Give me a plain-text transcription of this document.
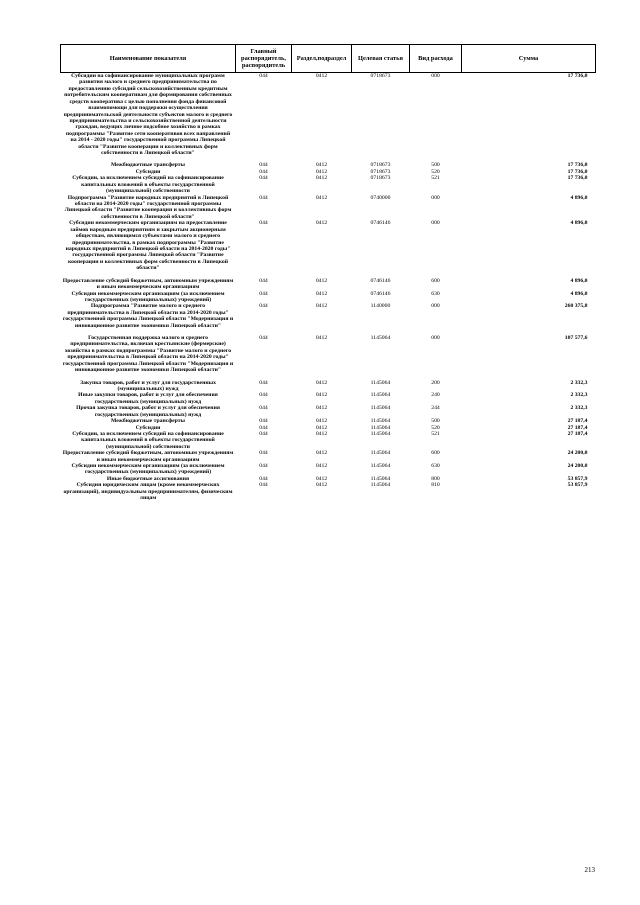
Наименование показателя	Главный распорядитель, распорядитель	Раздел,подраздел	Целевая статья	Вид расхода	Сумма
Субсидии на софинансирование муниципальных программ развития малого и среднего предпринимательства по предоставлению субсидий сельскохозяйственным кредитным потребительским кооперативам для формирования собственных средств кооператива с целью пополнения фонда финансовой взаимопомощи для поддержки осуществления предпринимательской деятельности субъектов малого и среднего предпринимательства и сельскохозяйственной деятельности граждан, ведущих личное подсобное хозяйство в рамках подпрограммы "Развитие сети кооперативов всех направлений на 2014 - 2020 годы" государственной программы Липецкой области "Развитие кооперации и коллективных форм собственности в Липецкой области"	044	0412	0718673	000	17 736,0

Межбюджетные трансферты	044	0412	0718673	500	17 736,0
Субсидии	044	0412	0718673	520	17 736,0
Субсидии, за исключением субсидий на софинансирование капитальных вложений в объекты государственной (муниципальной) собственности	044	0412	0718673	521	17 736,0
Подпрограмма "Развитие народных предприятий в Липецкой области на 2014-2020 годы" государственной программы Липецкой области "Развитие кооперации и коллективных форм собственности в Липецкой области"	044	0412	0740000	000	4 896,0
Субсидии некоммерческим организациям на предоставление займов народным предприятиям и закрытым акционерным обществам, являющимся субъектами малого и среднего предпринимательства, в рамках подпрограммы "Развитие народных предприятий в Липецкой области на 2014-2020 годы" государственной программы Липецкой области "Развитие кооперации и коллективных форм собственности в Липецкой области"	044	0412	0746146	000	4 896,0

Предоставление субсидий бюджетным, автономным учреждениям и иным некоммерческим организациям	044	0412	0746146	600	4 896,0
Субсидии некоммерческим организациям (за исключением государственных (муниципальных) учреждений)	044	0412	0746146	630	4 896,0
Подпрограмма "Развитие малого и среднего предпринимательства в Липецкой области на 2014-2020 годы" государственной программы Липецкой области "Модернизация и инновационное развитие экономики Липецкой области"	044	0412	1140000	000	260 375,8

Государственная поддержка малого и среднего предпринимательства, включая крестьянские (фермерские) хозяйства в рамках подпрограммы "Развитие малого и среднего предпринимательства в Липецкой области на 2014-2020 годы" государственной программы Липецкой области "Модернизация и инновационное развитие экономики Липецкой области"	044	0412	1145064	000	107 577,6

Закупка товаров, работ и услуг для государственных (муниципальных) нужд	044	0412	1145064	200	2 332,3
Иные закупки товаров, работ и услуг для обеспечения государственных (муниципальных) нужд	044	0412	1145064	240	2 332,3
Прочая закупка товаров, работ и услуг для обеспечения государственных (муниципальных) нужд	044	0412	1145064	244	2 332,3
Межбюджетные трансферты	044	0412	1145064	500	27 187,4
Субсидии	044	0412	1145064	520	27 187,4
Субсидии, за исключением субсидий на софинансирование капитальных вложений в объекты государственной (муниципальной) собственности	044	0412	1145064	521	27 187,4
Предоставление субсидий бюджетным, автономным учреждениям и иным некоммерческим организациям	044	0412	1145064	600	24 200,0
Субсидии некоммерческим организациям (за исключением государственных (муниципальных) учреждений)	044	0412	1145064	630	24 200,0
Иные бюджетные ассигнования	044	0412	1145064	800	53 857,9
Субсидии юридическим лицам (кроме некоммерческих организаций), индивидуальным предпринимателям, физическим лицам	044	0412	1145064	810	53 857,9
213
